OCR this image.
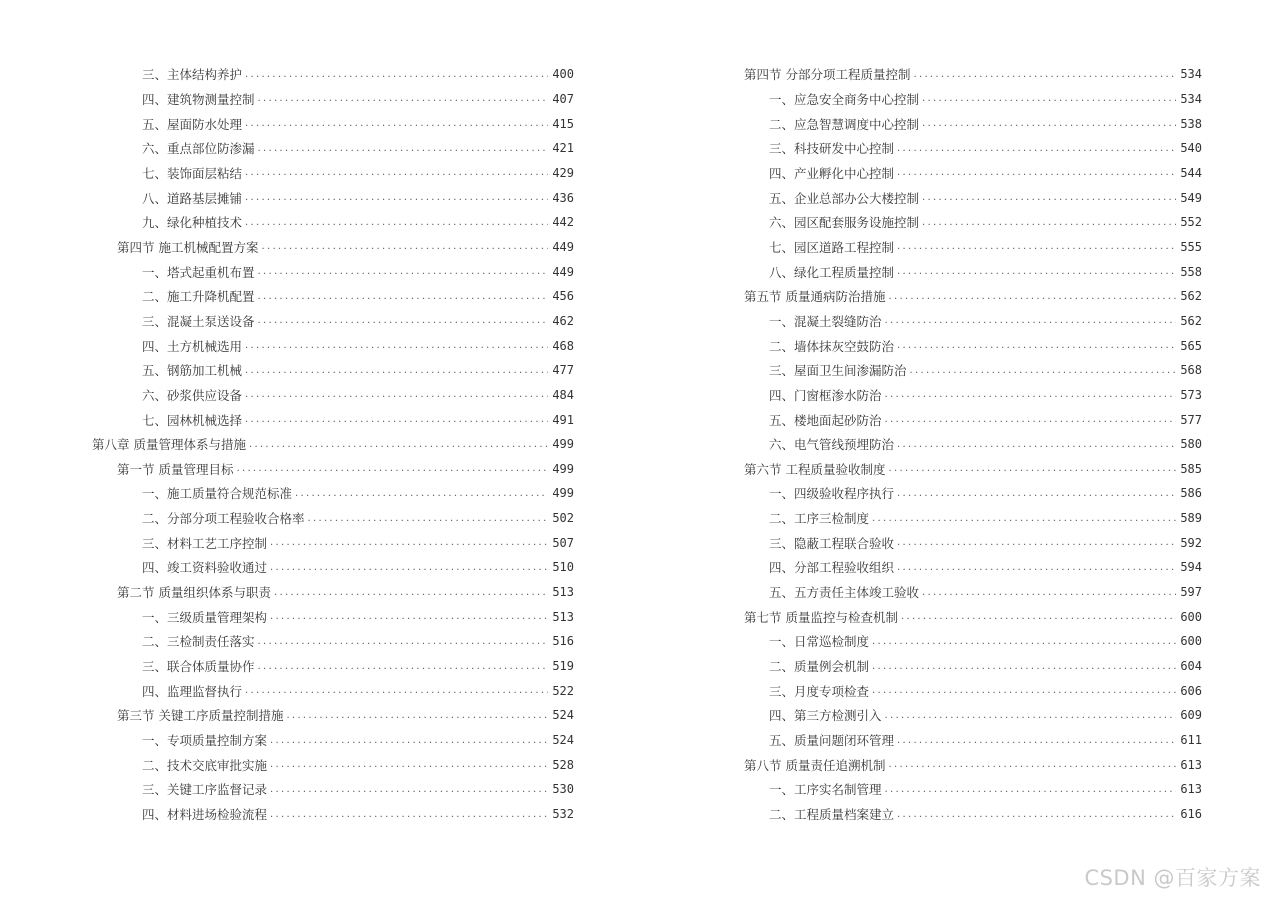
三、主体结构养护 .....	400
四、建筑物测量控制 .....	407
五、屋面防水处理 .....	415
六、重点部位防渗漏 .....	421
七、装饰面层粘结 .....	429
八、道路基层摊铺 .....	436
九、绿化种植技术 .....	442
第四节 施工机械配置方案 .....	449
一、塔式起重机布置 .....	449
二、施工升降机配置 .....	456
三、混凝土泵送设备 .....	462
四、土方机械选用 .....	468
五、钢筋加工机械 .....	477
六、砂浆供应设备 .....	484
七、园林机械选择 .....	491
第八章 质量管理体系与措施 .....	499
第一节 质量管理目标 .....	499
一、施工质量符合规范标准 .....	499
二、分部分项工程验收合格率 .....	502
三、材料工艺工序控制 .....	507
四、竣工资料验收通过 .....	510
第二节 质量组织体系与职责 .....	513
一、三级质量管理架构 .....	513
二、三检制责任落实 .....	516
三、联合体质量协作 .....	519
四、监理监督执行 .....	522
第三节 关键工序质量控制措施 .....	524
一、专项质量控制方案 .....	524
二、技术交底审批实施 .....	528
三、关键工序监督记录 .....	530
四、材料进场检验流程 .....	532
第四节 分部分项工程质量控制 .....	534
一、应急安全商务中心控制 .....	534
二、应急智慧调度中心控制 .....	538
三、科技研发中心控制 .....	540
四、产业孵化中心控制 .....	544
五、企业总部办公大楼控制 .....	549
六、园区配套服务设施控制 .....	552
七、园区道路工程控制 .....	555
八、绿化工程质量控制 .....	558
第五节 质量通病防治措施 .....	562
一、混凝土裂缝防治 .....	562
二、墙体抹灰空鼓防治 .....	565
三、屋面卫生间渗漏防治 .....	568
四、门窗框渗水防治 .....	573
五、楼地面起砂防治 .....	577
六、电气管线预埋防治 .....	580
第六节 工程质量验收制度 .....	585
一、四级验收程序执行 .....	586
二、工序三检制度 .....	589
三、隐蔽工程联合验收 .....	592
四、分部工程验收组织 .....	594
五、五方责任主体竣工验收 .....	597
第七节 质量监控与检查机制 .....	600
一、日常巡检制度 .....	600
二、质量例会机制 .....	604
三、月度专项检查 .....	606
四、第三方检测引入 .....	609
五、质量问题闭环管理 .....	611
第八节 质量责任追溯机制 .....	613
一、工序实名制管理 .....	613
二、工程质量档案建立 .....	616
CSDN @百家方案
